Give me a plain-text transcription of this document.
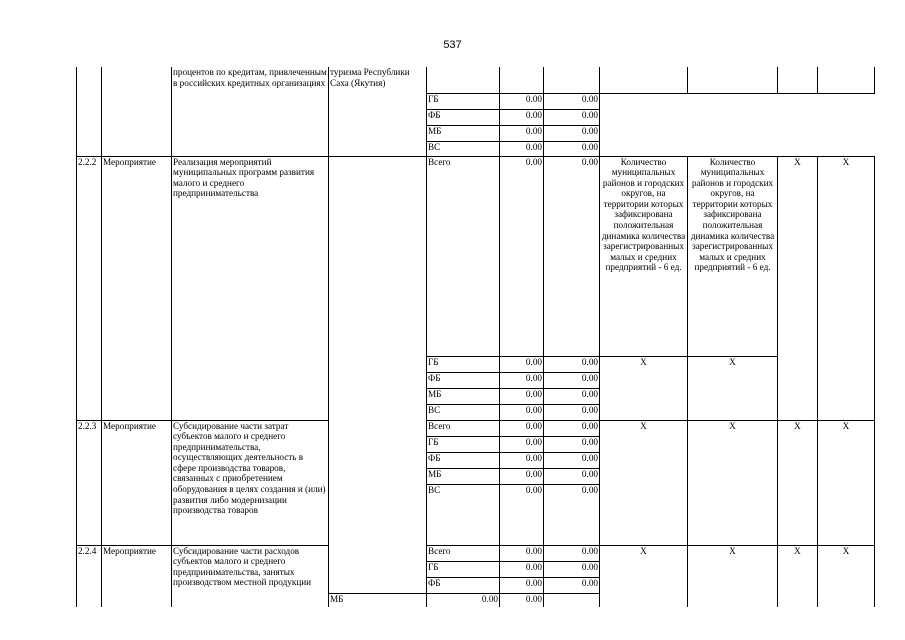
537
		процентов по кредитам, привлеченным в российских кредитных организациях	туризма Республики Саха (Якутия)							
				ГБ	0.00	0.00				
				ФБ	0.00	0.00				
				МБ	0.00	0.00				
				ВС	0.00	0.00				
2.2.2	Мероприятие	Реализация мероприятий муниципальных программ развития малого и среднего предпринимательства		Всего	0.00	0.00	Количество муниципальных районов и городских округов, на территории которых зафиксирована положительная динамика количества зарегистрированных малых и средних предприятий - 6 ед.	Количество муниципальных районов и городских округов, на территории которых зафиксирована положительная динамика количества зарегистрированных малых и средних предприятий - 6 ед.	Х	Х
				ГБ	0.00	0.00	Х	Х		
				ФБ	0.00	0.00				
				МБ	0.00	0.00				
				ВС	0.00	0.00				
2.2.3	Мероприятие	Субсидирование части затрат субъектов малого и среднего предпринимательства, осуществляющих деятельность в сфере производства товаров, связанных с приобретением оборудования в целях создания и (или) развития либо модернизации производства товаров		Всего	0.00	0.00	Х	Х	Х	Х
				ГБ	0.00	0.00				
				ФБ	0.00	0.00				
				МБ	0.00	0.00				
				ВС	0.00	0.00				
2.2.4	Мероприятие	Субсидирование части расходов субъектов малого и среднего предпринимательства, занятых производством местной продукции		Всего	0.00	0.00	Х	Х	Х	Х
				ГБ	0.00	0.00				
				ФБ	0.00	0.00				
			МБ	0.00	0.00					
